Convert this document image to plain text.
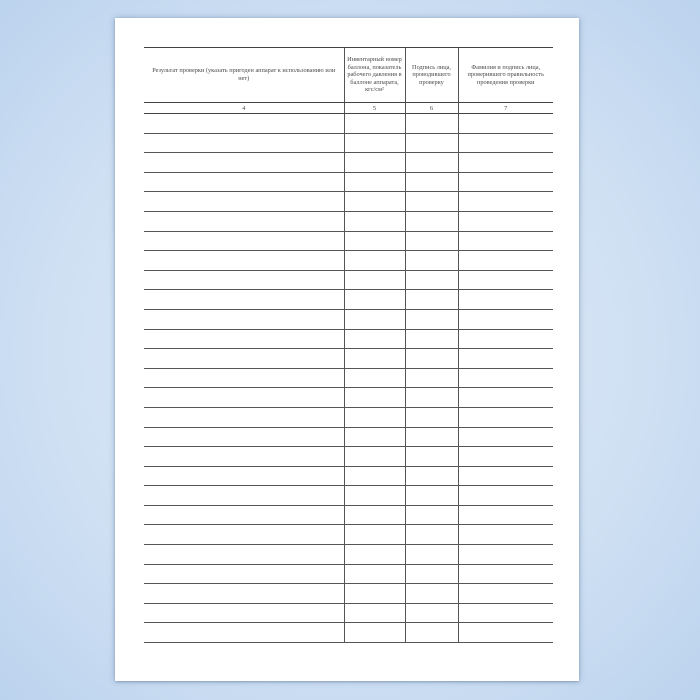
Результат проверки (указать пригоден аппарат к использованию или нет)	Инвентарный номер баллона, показатель рабочего давления в баллоне аппарата, кгс/см²	Подпись лица, проводившего проверку	Фамилия и подпись лица, проверившего правильность проведения проверки
4	5	6	7
